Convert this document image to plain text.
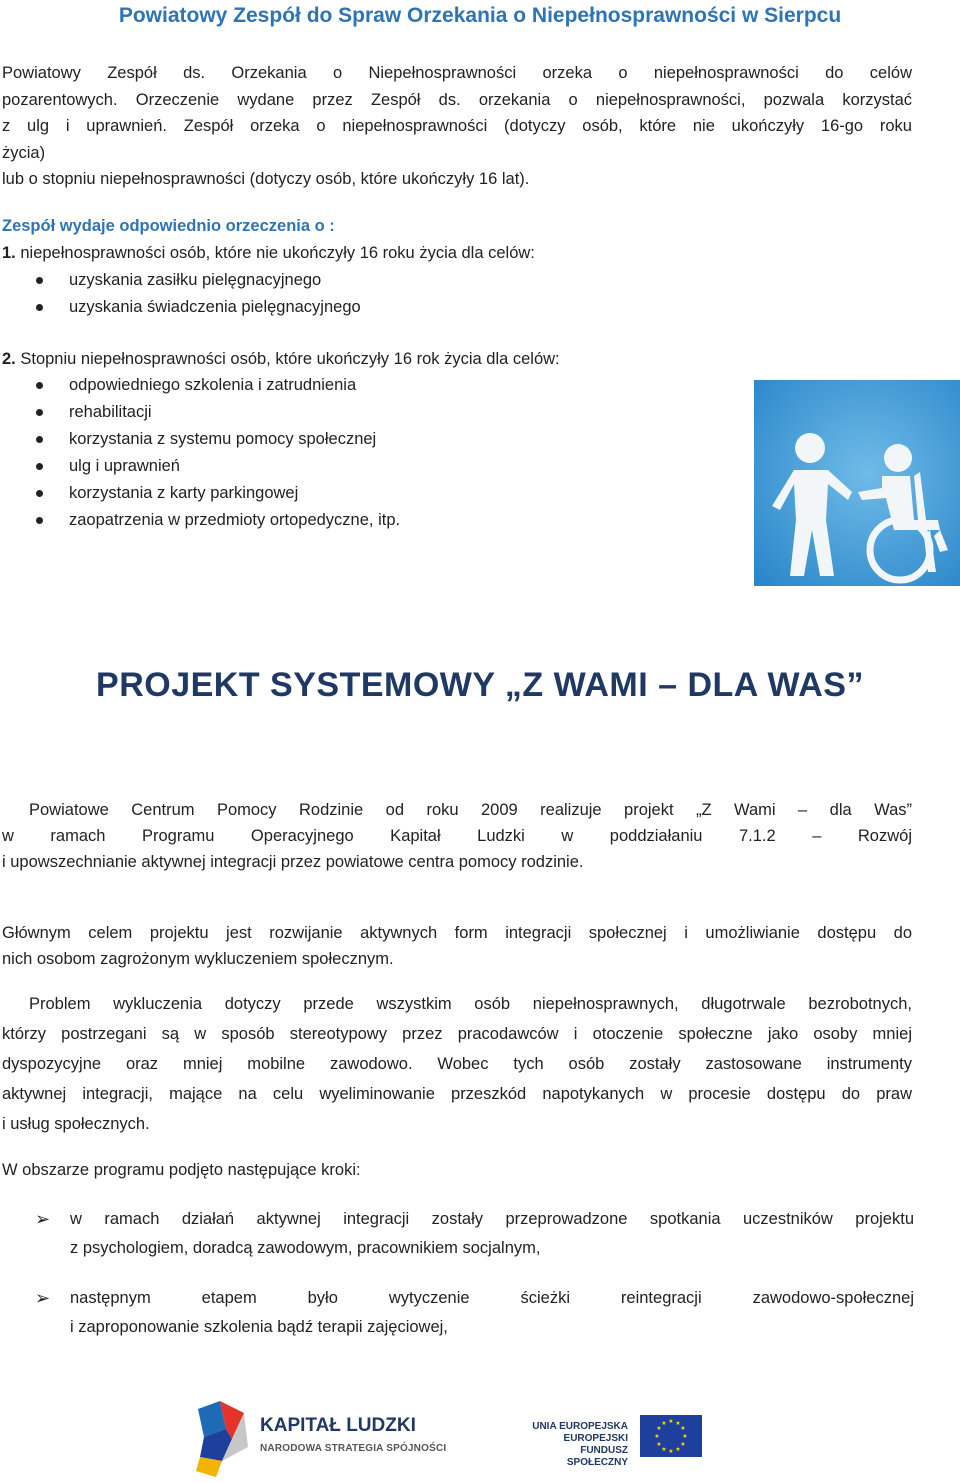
Powiatowy Zespół do Spraw Orzekania o Niepełnosprawności w Sierpcu

Powiatowy Zespół ds. Orzekania o Niepełnosprawności orzeka o niepełnosprawności do celów
pozarentowych. Orzeczenie wydane przez Zespół ds. orzekania o niepełnosprawności, pozwala korzystać
z ulg i uprawnień. Zespół orzeka o niepełnosprawności (dotyczy osób, które nie ukończyły 16-go roku
życia)
lub o stopniu niepełnosprawności (dotyczy osób, które ukończyły 16 lat).

Zespół wydaje odpowiednio orzeczenia o :

1. niepełnosprawności osób, które nie ukończyły 16 roku życia dla celów:

uzyskania zasiłku pielęgnacyjnego
uzyskania świadczenia pielęgnacyjnego

2. Stopniu niepełnosprawności osób, które ukończyły 16 rok życia dla celów:

odpowiedniego szkolenia i zatrudnienia
rehabilitacji
korzystania z systemu pomocy społecznej
ulg i uprawnień
korzystania z karty parkingowej
zaopatrzenia w przedmioty ortopedyczne, itp.
PROJEKT SYSTEMOWY „Z WAMI – DLA WAS”

Powiatowe Centrum Pomocy Rodzinie od roku 2009 realizuje projekt „Z Wami – dla Was”
w ramach Programu Operacyjnego Kapitał Ludzki w poddziałaniu 7.1.2 – Rozwój
i upowszechnianie aktywnej integracji przez powiatowe centra pomocy rodzinie.

Głównym celem projektu jest rozwijanie aktywnych form integracji społecznej i umożliwianie dostępu do
nich osobom zagrożonym wykluczeniem społecznym.

Problem wykluczenia dotyczy przede wszystkim osób niepełnosprawnych, długotrwale bezrobotnych,
którzy postrzegani są w sposób stereotypowy przez pracodawców i otoczenie społeczne jako osoby mniej
dyspozycyjne oraz mniej mobilne zawodowo. Wobec tych osób zostały zastosowane instrumenty
aktywnej integracji, mające na celu wyeliminowanie przeszkód napotykanych w procesie dostępu do praw
i usług społecznych.

W obszarze programu podjęto następujące kroki:

➢ w ramach działań aktywnej integracji zostały przeprowadzone spotkania uczestników projektu
z psychologiem, doradcą zawodowym, pracownikiem socjalnym,
➢ następnym etapem było wytyczenie ścieżki reintegracji zawodowo-społecznej
i zaproponowanie szkolenia bądź terapii zajęciowej,
KAPITAŁ LUDZKI
NARODOWA STRATEGIA SPÓJNOŚCI
UNIA EUROPEJSKA
EUROPEJSKI
FUNDUSZ SPOŁECZNY
★ ★
★
★
★
★
★
★
★
★
★
★
